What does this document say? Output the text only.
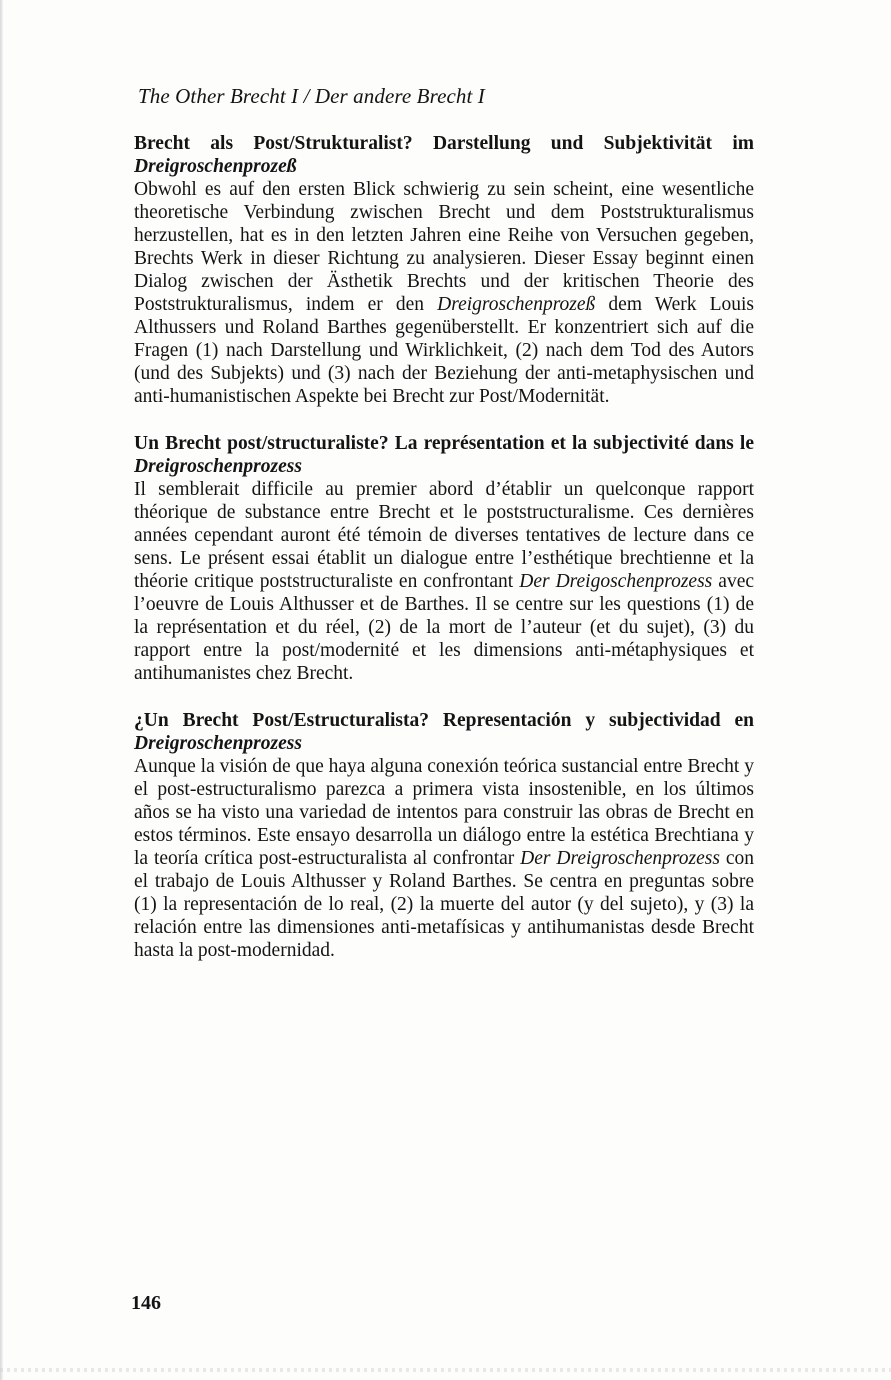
The Other Brecht I / Der andere Brecht I
Brecht als Post/Strukturalist? Darstellung und Subjektivität im Dreigroschenprozeß

Obwohl es auf den ersten Blick schwierig zu sein scheint, eine wesentliche theoretische Verbindung zwischen Brecht und dem Poststrukturalismus herzustellen, hat es in den letzten Jahren eine Reihe von Versuchen gegeben, Brechts Werk in dieser Richtung zu analysieren. Dieser Essay beginnt einen Dialog zwischen der Ästhetik Brechts und der kritischen Theorie des Poststrukturalismus, indem er den Dreigroschenprozeß dem Werk Louis Althussers und Roland Barthes gegenüberstellt. Er konzentriert sich auf die Fragen (1) nach Darstellung und Wirklichkeit, (2) nach dem Tod des Autors (und des Subjekts) und (3) nach der Beziehung der anti-metaphysischen und anti-humanistischen Aspekte bei Brecht zur Post/Modernität.

Un Brecht post/structuraliste? La représentation et la subjectivité dans le Dreigroschenprozess

Il semblerait difficile au premier abord d’établir un quelconque rapport théorique de substance entre Brecht et le poststructuralisme. Ces dernières années cependant auront été témoin de diverses tentatives de lecture dans ce sens. Le présent essai établit un dialogue entre l’esthétique brechtienne et la théorie critique poststructuraliste en confrontant Der Dreigoschenprozess avec l’oeuvre de Louis Althusser et de Barthes. Il se centre sur les questions (1) de la représentation et du réel, (2) de la mort de l’auteur (et du sujet), (3) du rapport entre la post/modernité et les dimensions anti-métaphysiques et antihumanistes chez Brecht.

¿Un Brecht Post/Estructuralista? Representación y subjectividad en Dreigroschenprozess

Aunque la visión de que haya alguna conexión teórica sustancial entre Brecht y el post-estructuralismo parezca a primera vista insostenible, en los últimos años se ha visto una variedad de intentos para construir las obras de Brecht en estos términos. Este ensayo desarrolla un diálogo entre la estética Brechtiana y la teoría crítica post-estructuralista al confrontar Der Dreigroschenprozess con el trabajo de Louis Althusser y Roland Barthes. Se centra en preguntas sobre (1) la representación de lo real, (2) la muerte del autor (y del sujeto), y (3) la relación entre las dimensiones anti-metafísicas y antihumanistas desde Brecht hasta la post-modernidad.

146
